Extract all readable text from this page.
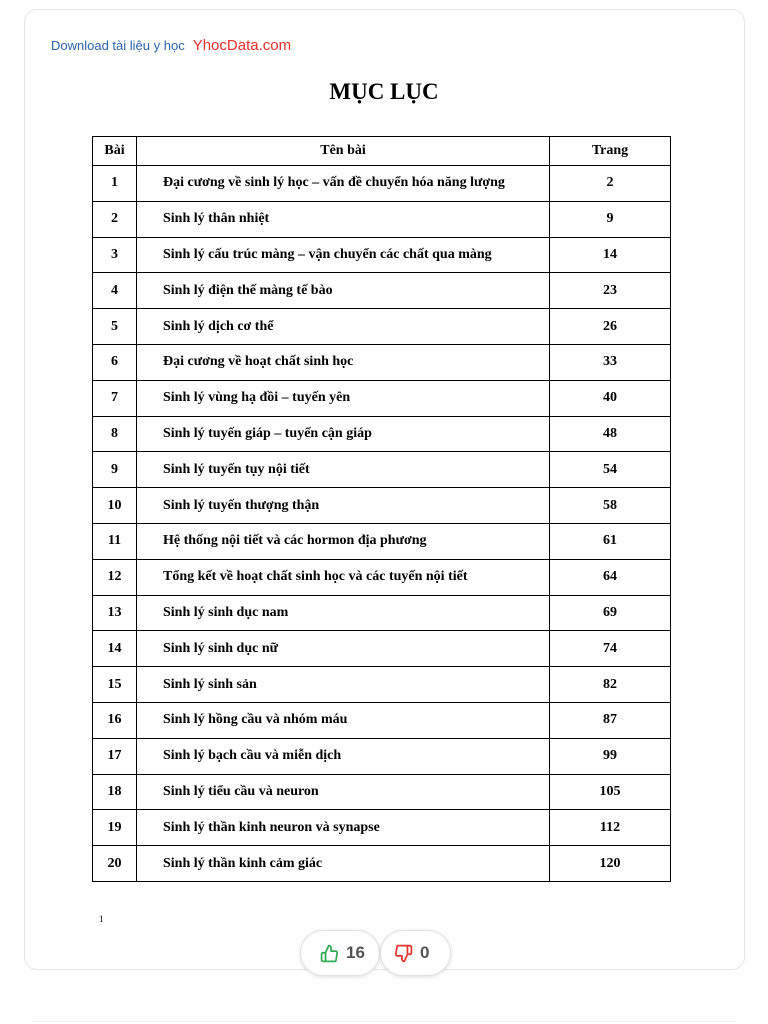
Download tài liệu y học YhocData.com
MỤC LỤC
Bài	Tên bài	Trang
1	Đại cương về sinh lý học – vấn đề chuyển hóa năng lượng	2
2	Sinh lý thân nhiệt	9
3	Sinh lý cấu trúc màng – vận chuyển các chất qua màng	14
4	Sinh lý điện thế màng tế bào	23
5	Sinh lý dịch cơ thể	26
6	Đại cương về hoạt chất sinh học	33
7	Sinh lý vùng hạ đồi – tuyến yên	40
8	Sinh lý tuyến giáp – tuyến cận giáp	48
9	Sinh lý tuyến tụy nội tiết	54
10	Sinh lý tuyến thượng thận	58
11	Hệ thống nội tiết và các hormon địa phương	61
12	Tổng kết về hoạt chất sinh học và các tuyến nội tiết	64
13	Sinh lý sinh dục nam	69
14	Sinh lý sinh dục nữ	74
15	Sinh lý sinh sản	82
16	Sinh lý hồng cầu và nhóm máu	87
17	Sinh lý bạch cầu và miễn dịch	99
18	Sinh lý tiểu cầu và neuron	105
19	Sinh lý thần kinh neuron và synapse	112
20	Sinh lý thần kinh cảm giác	120
1
16	0
